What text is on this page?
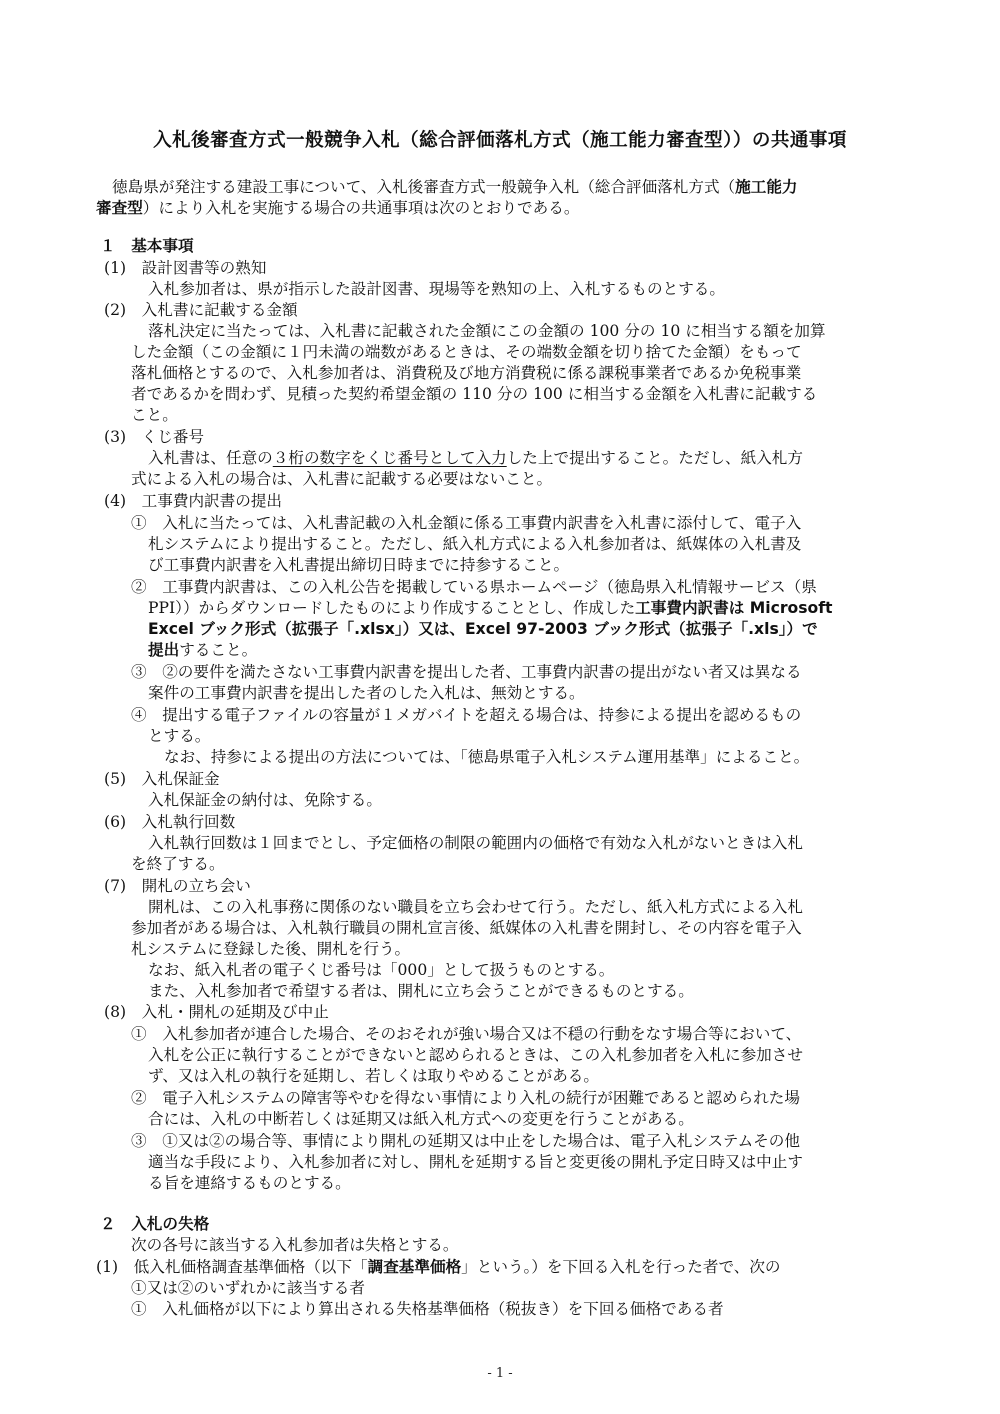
入札後審査方式一般競争入札（総合評価落札方式（施工能力審査型））の共通事項
徳島県が発注する建設工事について、入札後審査方式一般競争入札（総合評価落札方式（施工能力
審査型）により入札を実施する場合の共通事項は次のとおりである。
１　基本事項
(1)　設計図書等の熟知
入札参加者は、県が指示した設計図書、現場等を熟知の上、入札するものとする。
(2)　入札書に記載する金額
落札決定に当たっては、入札書に記載された金額にこの金額の 100 分の 10 に相当する額を加算
した金額（この金額に１円未満の端数があるときは、その端数金額を切り捨てた金額）をもって
落札価格とするので、入札参加者は、消費税及び地方消費税に係る課税事業者であるか免税事業
者であるかを問わず、見積った契約希望金額の 110 分の 100 に相当する金額を入札書に記載する
こと。
(3)　くじ番号
入札書は、任意の３桁の数字をくじ番号として入力した上で提出すること。ただし、紙入札方
式による入札の場合は、入札書に記載する必要はないこと。
(4)　工事費内訳書の提出
①　入札に当たっては、入札書記載の入札金額に係る工事費内訳書を入札書に添付して、電子入
札システムにより提出すること。ただし、紙入札方式による入札参加者は、紙媒体の入札書及
び工事費内訳書を入札書提出締切日時までに持参すること。
②　工事費内訳書は、この入札公告を掲載している県ホームページ（徳島県入札情報サービス（県
PPI））からダウンロードしたものにより作成することとし、作成した工事費内訳書は Microsoft
Excel ブック形式（拡張子「.xlsx」）又は、Excel 97-2003 ブック形式（拡張子「.xls」）で
提出すること。
③　②の要件を満たさない工事費内訳書を提出した者、工事費内訳書の提出がない者又は異なる
案件の工事費内訳書を提出した者のした入札は、無効とする。
④　提出する電子ファイルの容量が１メガバイトを超える場合は、持参による提出を認めるもの
とする。
なお、持参による提出の方法については、「徳島県電子入札システム運用基準」によること。
(5)　入札保証金
入札保証金の納付は、免除する。
(6)　入札執行回数
入札執行回数は１回までとし、予定価格の制限の範囲内の価格で有効な入札がないときは入札
を終了する。
(7)　開札の立ち会い
開札は、この入札事務に関係のない職員を立ち会わせて行う。ただし、紙入札方式による入札
参加者がある場合は、入札執行職員の開札宣言後、紙媒体の入札書を開封し、その内容を電子入
札システムに登録した後、開札を行う。
なお、紙入札者の電子くじ番号は「000」として扱うものとする。
また、入札参加者で希望する者は、開札に立ち会うことができるものとする。
(8)　入札・開札の延期及び中止
①　入札参加者が連合した場合、そのおそれが強い場合又は不穏の行動をなす場合等において、
入札を公正に執行することができないと認められるときは、この入札参加者を入札に参加させ
ず、又は入札の執行を延期し、若しくは取りやめることがある。
②　電子入札システムの障害等やむを得ない事情により入札の続行が困難であると認められた場
合には、入札の中断若しくは延期又は紙入札方式への変更を行うことがある。
③　①又は②の場合等、事情により開札の延期又は中止をした場合は、電子入札システムその他
適当な手段により、入札参加者に対し、開札を延期する旨と変更後の開札予定日時又は中止す
る旨を連絡するものとする。
２　入札の失格
次の各号に該当する入札参加者は失格とする。
(1)　低入札価格調査基準価格（以下「調査基準価格」という。）を下回る入札を行った者で、次の
①又は②のいずれかに該当する者
①　入札価格が以下により算出される失格基準価格（税抜き）を下回る価格である者
- 1 -
